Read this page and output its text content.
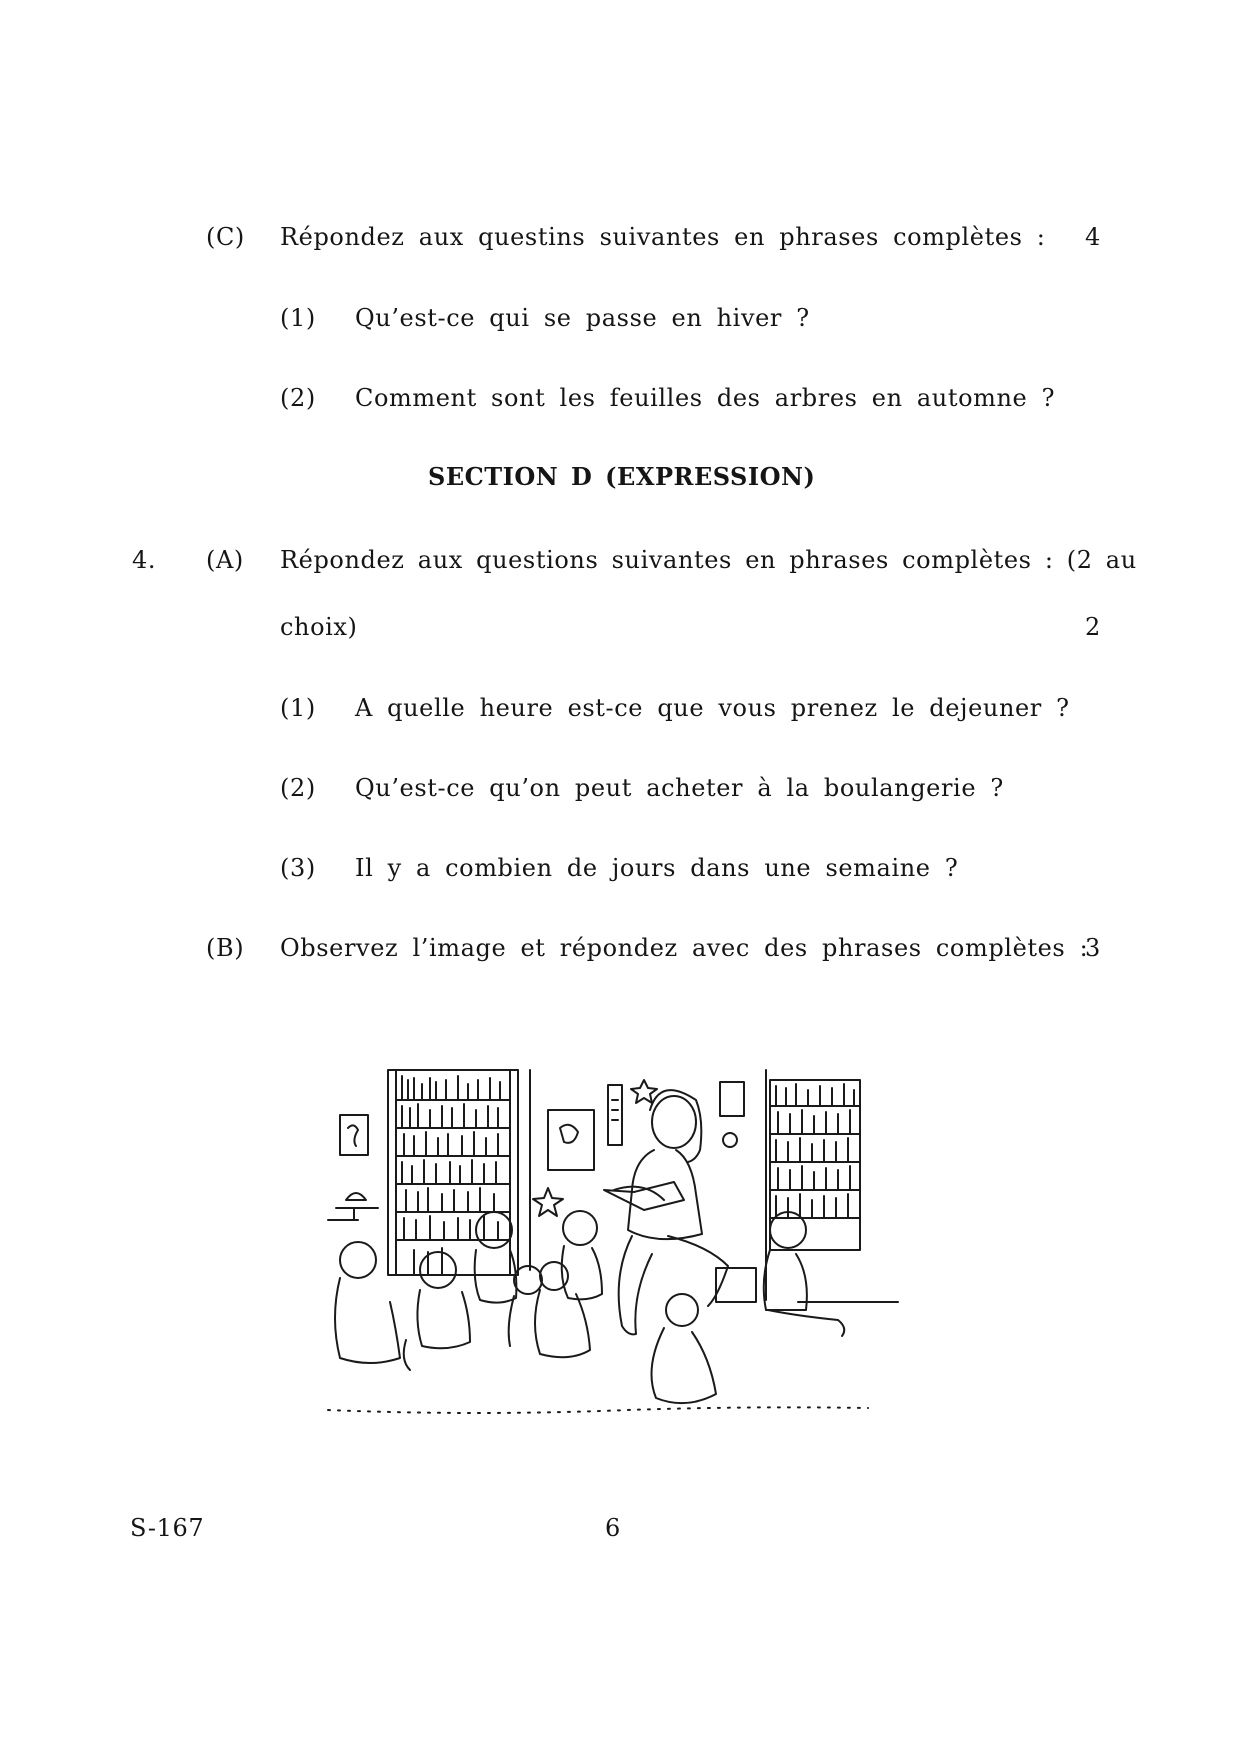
(C) Répondez aux questins suivantes en phrases complètes : 4
(1) Qu’est-ce qui se passe en hiver ?
(2) Comment sont les feuilles des arbres en automne ?
SECTION D (EXPRESSION)
4. (A) Répondez aux questions suivantes en phrases complètes : (2 au
choix)	2
(1) A quelle heure est-ce que vous prenez le dejeuner ?
(2) Qu’est-ce qu’on peut acheter à la boulangerie ?
(3) Il y a combien de jours dans une semaine ?
(B) Observez l’image et répondez avec des phrases complètes :
3
S-167	6
